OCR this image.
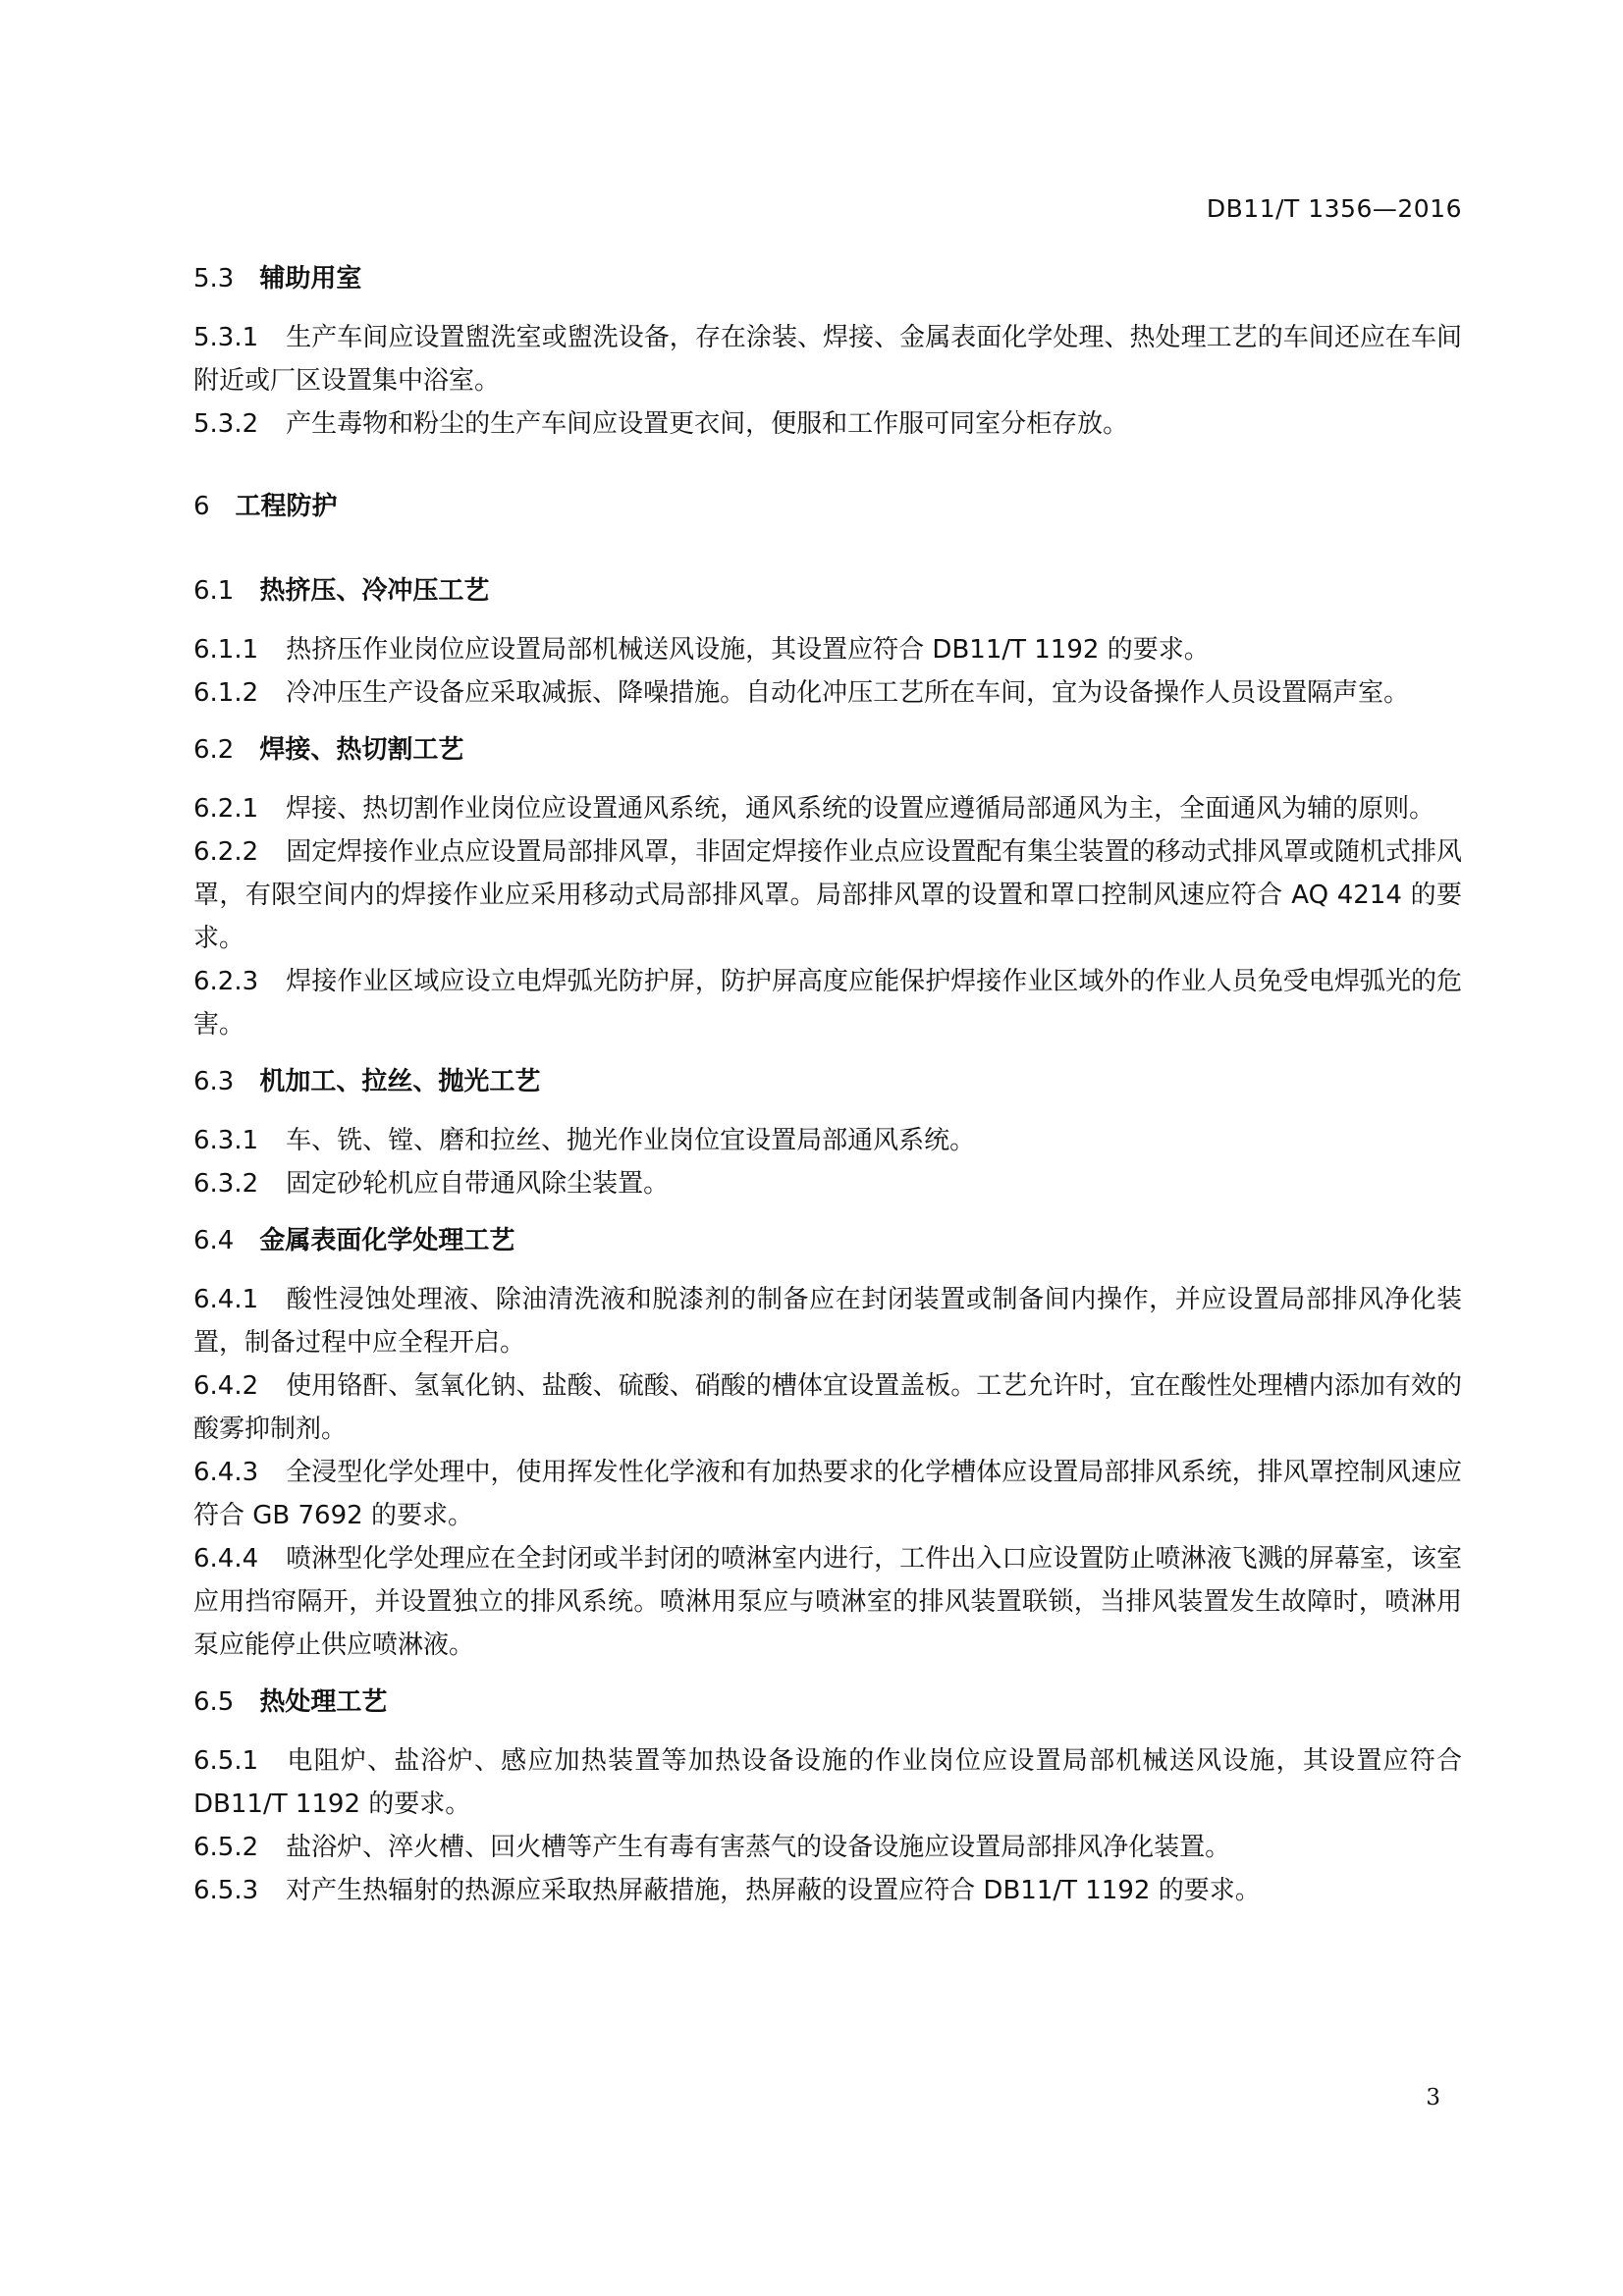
DB11/T 1356—2016
5.3 辅助用室
5.3.1 生产车间应设置盥洗室或盥洗设备，存在涂装、焊接、金属表面化学处理、热处理工艺的车间还应在车间附近或厂区设置集中浴室。
5.3.2 产生毒物和粉尘的生产车间应设置更衣间，便服和工作服可同室分柜存放。
6 工程防护
6.1 热挤压、冷冲压工艺
6.1.1 热挤压作业岗位应设置局部机械送风设施，其设置应符合 DB11/T 1192 的要求。
6.1.2 冷冲压生产设备应采取减振、降噪措施。自动化冲压工艺所在车间，宜为设备操作人员设置隔声室。
6.2 焊接、热切割工艺
6.2.1 焊接、热切割作业岗位应设置通风系统，通风系统的设置应遵循局部通风为主，全面通风为辅的原则。
6.2.2 固定焊接作业点应设置局部排风罩，非固定焊接作业点应设置配有集尘装置的移动式排风罩或随机式排风罩，有限空间内的焊接作业应采用移动式局部排风罩。局部排风罩的设置和罩口控制风速应符合 AQ 4214 的要求。
6.2.3 焊接作业区域应设立电焊弧光防护屏，防护屏高度应能保护焊接作业区域外的作业人员免受电焊弧光的危害。
6.3 机加工、拉丝、抛光工艺
6.3.1 车、铣、镗、磨和拉丝、抛光作业岗位宜设置局部通风系统。
6.3.2 固定砂轮机应自带通风除尘装置。
6.4 金属表面化学处理工艺
6.4.1 酸性浸蚀处理液、除油清洗液和脱漆剂的制备应在封闭装置或制备间内操作，并应设置局部排风净化装置，制备过程中应全程开启。
6.4.2 使用铬酐、氢氧化钠、盐酸、硫酸、硝酸的槽体宜设置盖板。工艺允许时，宜在酸性处理槽内添加有效的酸雾抑制剂。
6.4.3 全浸型化学处理中，使用挥发性化学液和有加热要求的化学槽体应设置局部排风系统，排风罩控制风速应符合 GB 7692 的要求。
6.4.4 喷淋型化学处理应在全封闭或半封闭的喷淋室内进行，工件出入口应设置防止喷淋液飞溅的屏幕室，该室应用挡帘隔开，并设置独立的排风系统。喷淋用泵应与喷淋室的排风装置联锁，当排风装置发生故障时，喷淋用泵应能停止供应喷淋液。
6.5 热处理工艺
6.5.1 电阻炉、盐浴炉、感应加热装置等加热设备设施的作业岗位应设置局部机械送风设施，其设置应符合 DB11/T 1192 的要求。
6.5.2 盐浴炉、淬火槽、回火槽等产生有毒有害蒸气的设备设施应设置局部排风净化装置。
6.5.3 对产生热辐射的热源应采取热屏蔽措施，热屏蔽的设置应符合 DB11/T 1192 的要求。
3
